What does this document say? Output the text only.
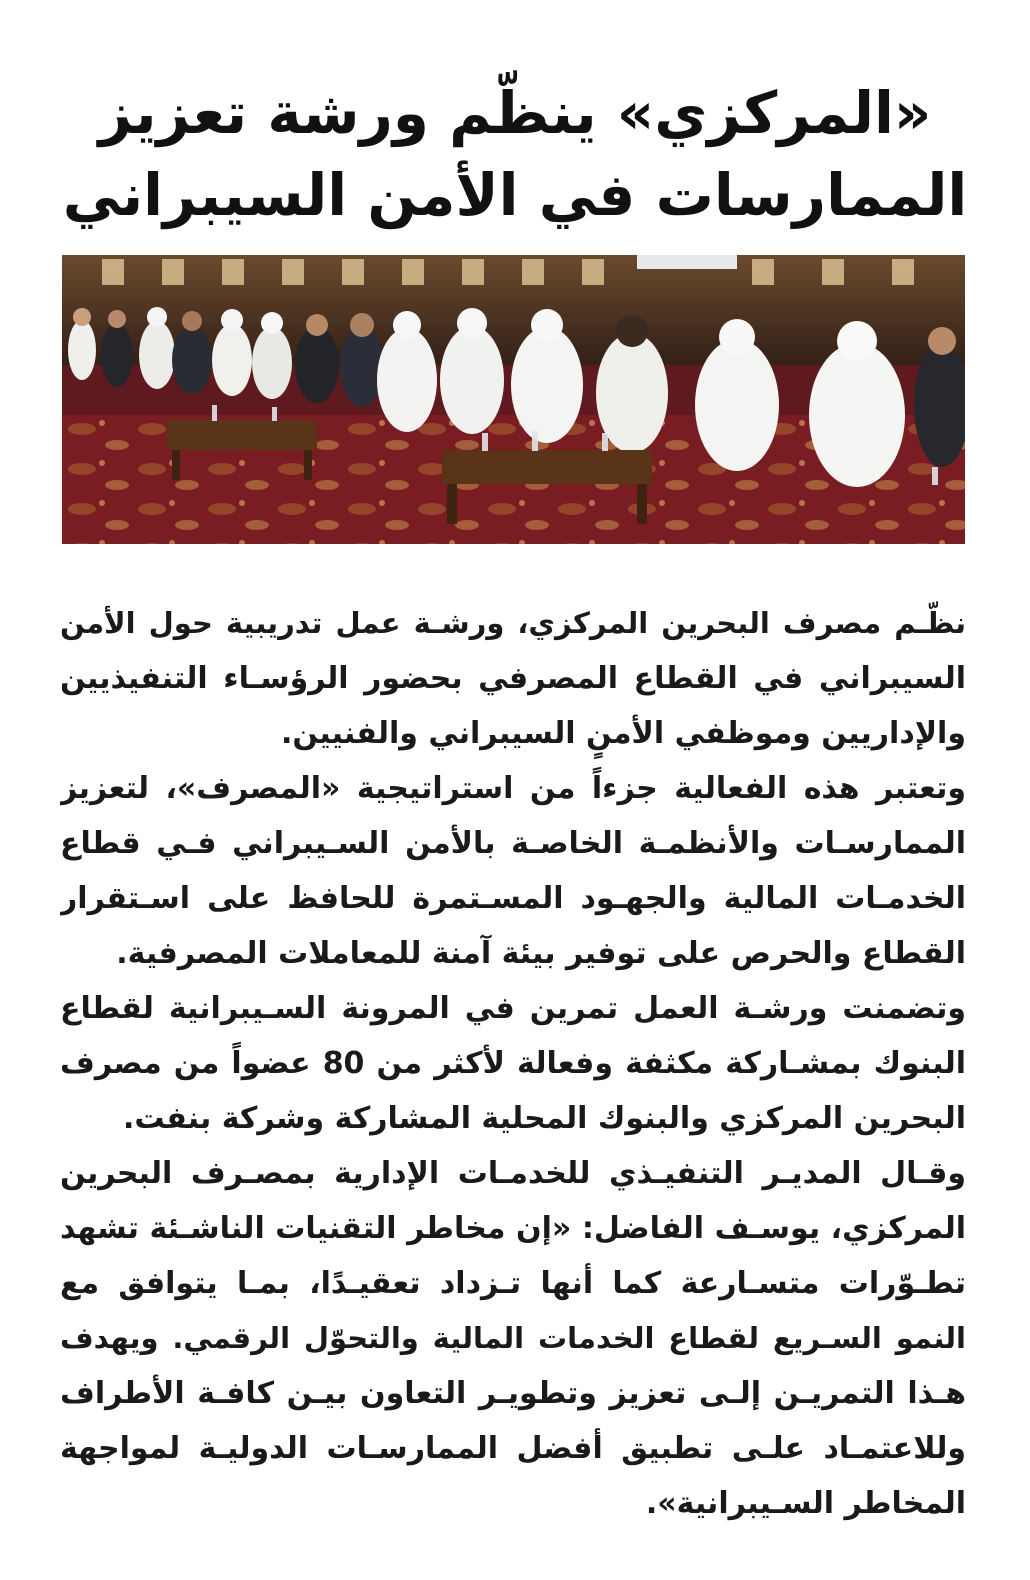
«المركزي» ينظّم ورشة تعزيز
الممارسات في الأمن السيبراني
نظّـم مصرف البحرين المركزي، ورشـة عمل تدريبية حول الأمن
السيبراني في القطاع المصرفي بحضور الرؤسـاء التنفيذيين
والإداريين وموظفي الأمنٍ السيبراني والفنيين.
وتعتبر هذه الفعالية جزءاً من استراتيجية «المصرف»، لتعزيز
الممارسـات والأنظمـة الخاصـة بالأمن السـيبراني فـي قطاع
الخدمـات المالية والجهـود المسـتمرة للحافظ على اسـتقرار
القطاع والحرص على توفير بيئة آمنة للمعاملات المصرفية.
وتضمنت ورشـة العمل تمرين في المرونة السـيبرانية لقطاع
البنوك بمشـاركة مكثفة وفعالة لأكثر من 80 عضواً من مصرف
البحرين المركزي والبنوك المحلية المشاركة وشركة بنفت.
وقـال المديـر التنفيـذي للخدمـات الإدارية بمصـرف البحرين
المركزي، يوسـف الفاضل: «إن مخاطر التقنيات الناشـئة تشهد
تطـوّرات متسـارعة كما أنها تـزداد تعقيـدًا، بمـا يتوافق مع
النمو السـريع لقطاع الخدمات المالية والتحوّل الرقمي. ويهدف
هـذا التمريـن إلـى تعزيز وتطويـر التعاون بيـن كافـة الأطراف
وللاعتمـاد علـى تطبيق أفضل الممارسـات الدوليـة لمواجهة
المخاطر السـيبرانية».
